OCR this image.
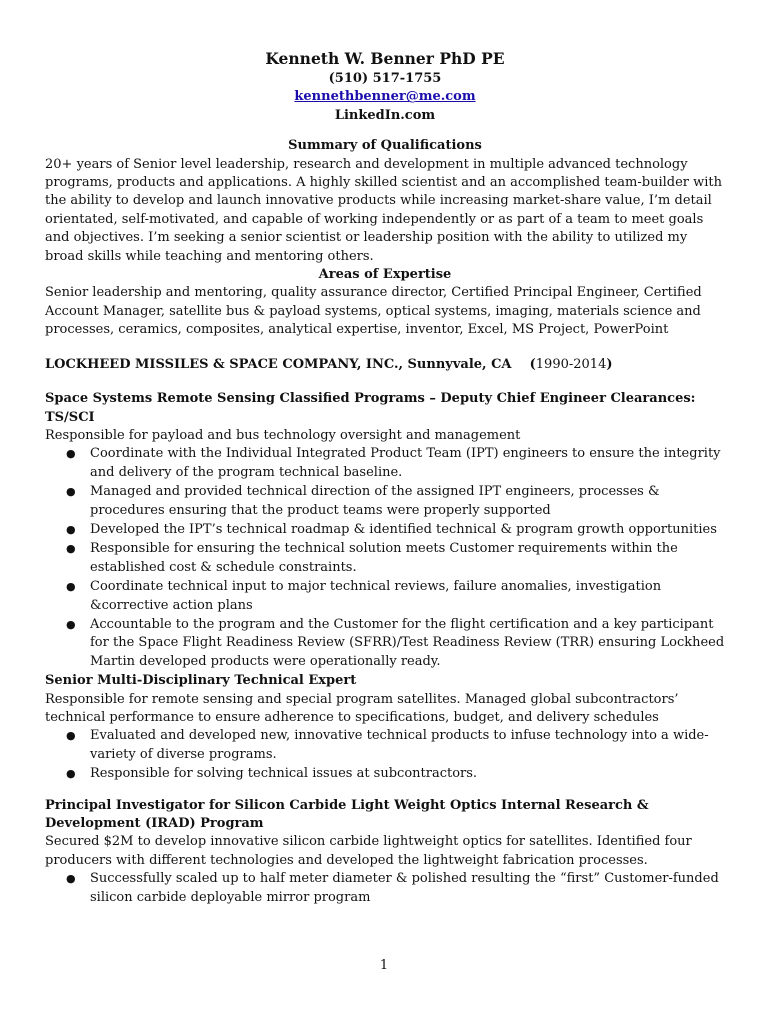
Kenneth W. Benner PhD PE
(510) 517-1755
kennethbenner@me.com
LinkedIn.com
Summary of Qualifications

20+ years of Senior level leadership, research and development in multiple advanced technology programs, products and applications. A highly skilled scientist and an accomplished team-builder with the ability to develop and launch innovative products while increasing market-share value, I’m detail orientated, self-motivated, and capable of working independently or as part of a team to meet goals and objectives. I’m seeking a senior scientist or leadership position with the ability to utilized my broad skills while teaching and mentoring others.

Areas of Expertise

Senior leadership and mentoring, quality assurance director, Certified Principal Engineer, Certified Account Manager, satellite bus & payload systems, optical systems, imaging, materials science and processes, ceramics, composites, analytical expertise, inventor, Excel, MS Project, PowerPoint

LOCKHEED MISSILES & SPACE COMPANY, INC., Sunnyvale, CA (1990-2014)
Space Systems Remote Sensing Classified Programs – Deputy Chief Engineer Clearances: TS/SCI

Responsible for payload and bus technology oversight and management

● Coordinate with the Individual Integrated Product Team (IPT) engineers to ensure the integrity and delivery of the program technical baseline.
● Managed and provided technical direction of the assigned IPT engineers, processes & procedures ensuring that the product teams were properly supported
● Developed the IPT’s technical roadmap & identified technical & program growth opportunities
● Responsible for ensuring the technical solution meets Customer requirements within the established cost & schedule constraints.
● Coordinate technical input to major technical reviews, failure anomalies, investigation &corrective action plans
● Accountable to the program and the Customer for the flight certification and a key participant for the Space Flight Readiness Review (SFRR)/Test Readiness Review (TRR) ensuring Lockheed Martin developed products were operationally ready.
Senior Multi-Disciplinary Technical Expert

Responsible for remote sensing and special program satellites. Managed global subcontractors’ technical performance to ensure adherence to specifications, budget, and delivery schedules

● Evaluated and developed new, innovative technical products to infuse technology into a wide-variety of diverse programs.
● Responsible for solving technical issues at subcontractors.
Principal Investigator for Silicon Carbide Light Weight Optics Internal Research & Development (IRAD) Program

Secured $2M to develop innovative silicon carbide lightweight optics for satellites. Identified four producers with different technologies and developed the lightweight fabrication processes.

● Successfully scaled up to half meter diameter & polished resulting the “first” Customer-funded silicon carbide deployable mirror program
1
